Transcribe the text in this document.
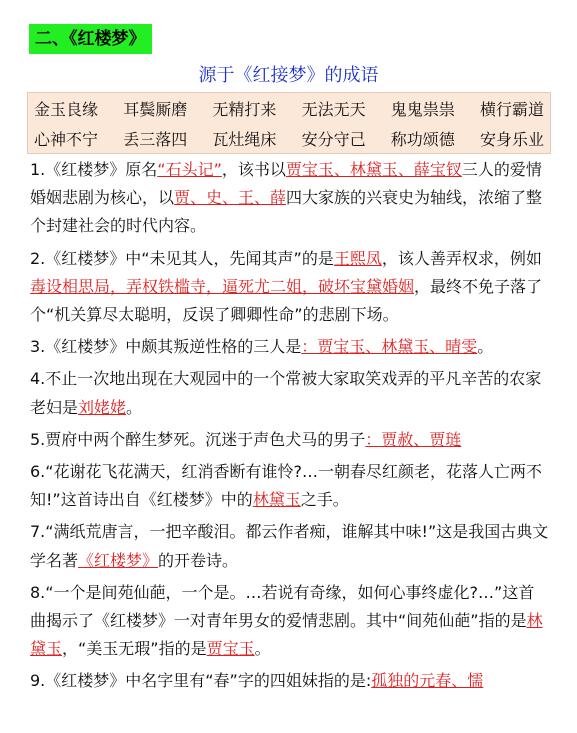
二、《红楼梦》
源于《红接梦》的成语
金玉良缘 耳鬓厮磨 无精打来 无法无天 鬼鬼祟祟 横行霸道
心神不宁 丢三落四 瓦灶绳床 安分守己 称功颂德 安身乐业
1.《红楼梦》原名“石头记”，该书以贾宝玉、林黛玉、薛宝钗三人的爱情婚姻悲剧为核心，以贾、史、王、薛四大家族的兴衰史为轴线，浓缩了整个封建社会的时代内容。
2.《红楼梦》中“未见其人，先闻其声”的是王熙凤，该人善弄权求，例如毒设相思局，弄权铁槛寺，逼死尤二姐，破坏宝黛婚姻，最终不免子落了个“机关算尽太聪明，反误了卿卿性命”的悲剧下场。
3.《红楼梦》中颇其叛逆性格的三人是：贾宝玉、林黛玉、晴雯。
4.不止一次地出现在大观园中的一个常被大家取笑戏弄的平凡辛苦的农家老妇是刘姥姥。
5.贾府中两个醉生梦死。沉迷于声色犬马的男子：贾赦、贾琏
6.“花谢花飞花满天，红消香断有谁怜?…一朝春尽红颜老，花落人亡两不知!”这首诗出自《红楼梦》中的林黛玉之手。
7.“满纸荒唐言，一把辛酸泪。都云作者痴，谁解其中味!”这是我国古典文学名著《红楼梦》的开卷诗。
8.“一个是间苑仙葩，一个是。…若说有奇缘，如何心事终虚化?…”这首曲揭示了《红楼梦》一对青年男女的爱情悲剧。其中“间苑仙葩”指的是林黛玉，“美玉无瑕”指的是贾宝玉。
9.《红楼梦》中名字里有“春”字的四姐妹指的是:孤独的元春、懦
